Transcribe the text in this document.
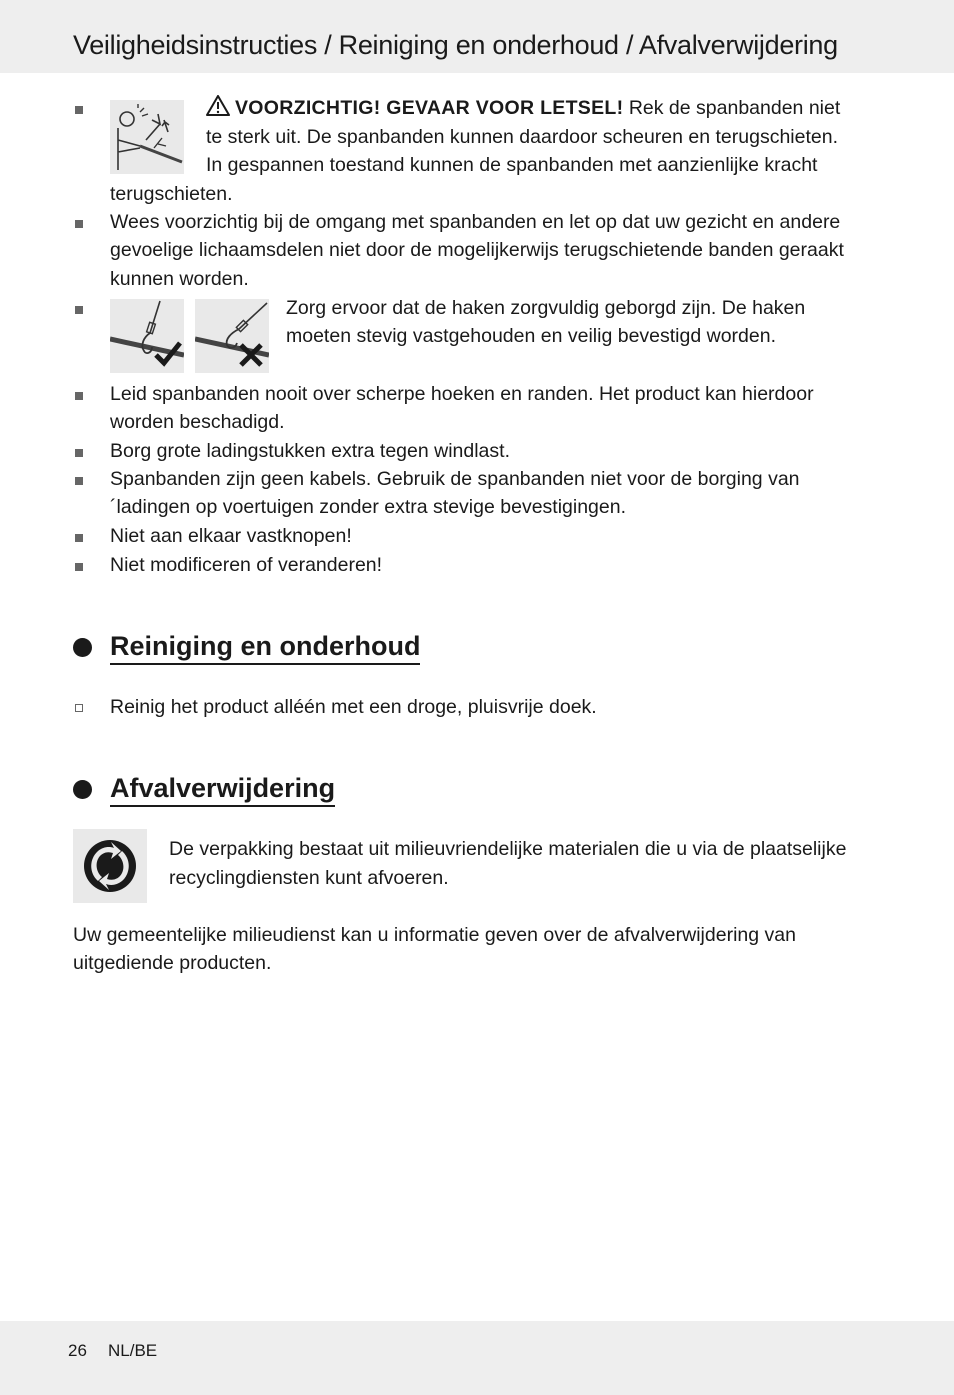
Veiligheidsinstructies / Reiniging en onderhoud / Afvalverwijdering
VOORZICHTIG! GEVAAR VOOR LETSEL! Rek de spanbanden niet
te sterk uit. De spanbanden kunnen daardoor scheuren en terugschieten.
In gespannen toestand kunnen de spanbanden met aanzienlijke kracht
terugschieten.
Wees voorzichtig bij de omgang met spanbanden en let op dat uw gezicht en andere
gevoelige lichaamsdelen niet door de mogelijkerwijs terugschietende banden geraakt
kunnen worden.
Zorg ervoor dat de haken zorgvuldig geborgd zijn. De haken
moeten stevig vastgehouden en veilig bevestigd worden.
Leid spanbanden nooit over scherpe hoeken en randen. Het product kan hierdoor
worden beschadigd.
Borg grote ladingstukken extra tegen windlast.
Spanbanden zijn geen kabels. Gebruik de spanbanden niet voor de borging van
´ladingen op voertuigen zonder extra stevige bevestigingen.
Niet aan elkaar vastknopen!
Niet modificeren of veranderen!
Reiniging en onderhoud
Reinig het product alléén met een droge, pluisvrije doek.
Afvalverwijdering
De verpakking bestaat uit milieuvriendelijke materialen die u via de plaatselijke
recyclingdiensten kunt afvoeren.
Uw gemeentelijke milieudienst kan u informatie geven over de afvalverwijdering van
uitgediende producten.
26 NL/BE
